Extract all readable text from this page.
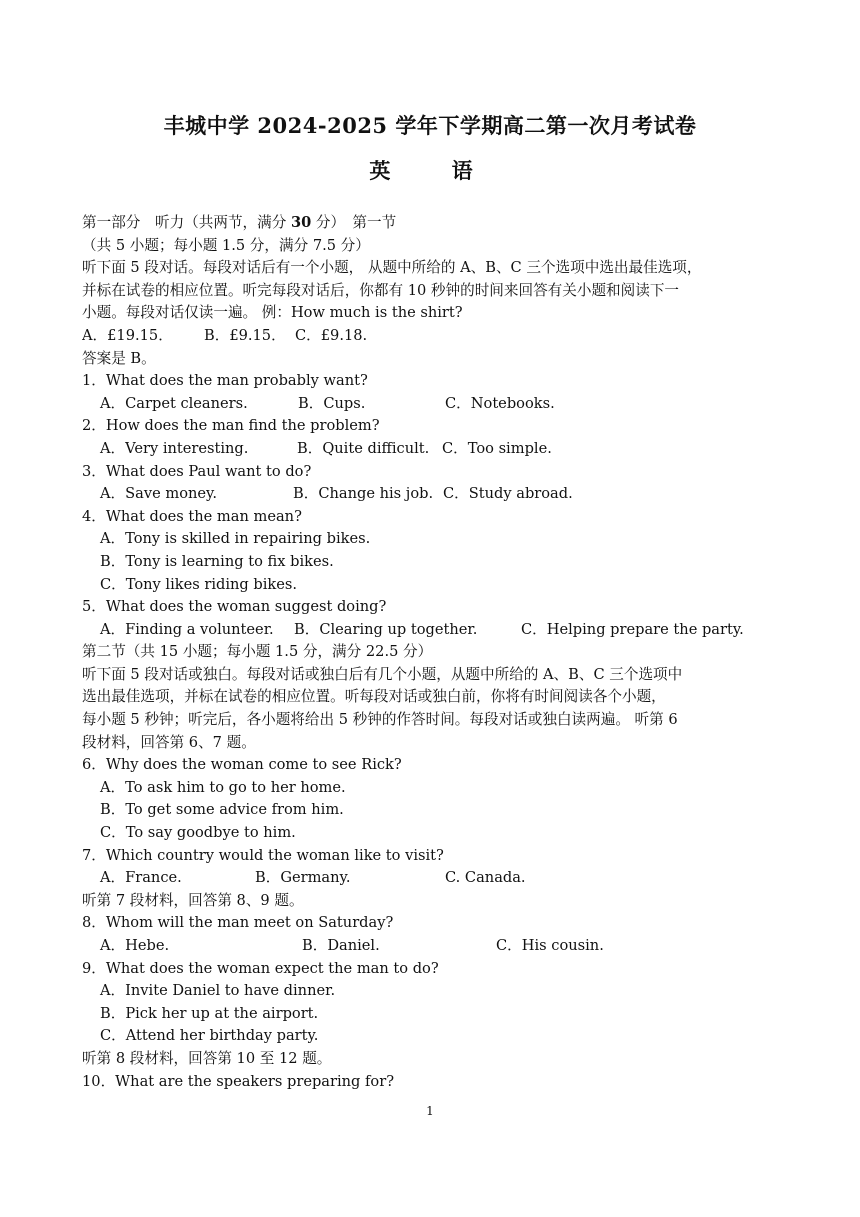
丰城中学 2024-2025 学年下学期高二第一次月考试卷
英 语
第一部分　听力（共两节，满分 30 分）　第一节
（共 5 小题；每小题 1.5 分，满分 7.5 分）
听下面 5 段对话。每段对话后有一个小题， 从题中所给的 A、B、C 三个选项中选出最佳选项，
并标在试卷的相应位置。听完每段对话后，你都有 10 秒钟的时间来回答有关小题和阅读下一
小题。每段对话仅读一遍。 例：How much is the shirt?
A．£19.15． B．£9.15． C．£9.18.
答案是 B。
1．What does the man probably want?
A．Carpet cleaners.	B．Cups.	C．Notebooks.
2．How does the man find the problem?
A．Very interesting.	B．Quite difficult. C．Too simple.
3．What does Paul want to do?
A．Save money.	B．Change his job. C．Study abroad.
4．What does the man mean?
A．Tony is skilled in repairing bikes.
B．Tony is learning to fix bikes.
C．Tony likes riding bikes.
5．What does the woman suggest doing?
A．Finding a volunteer. B．Clearing up together.	C．Helping prepare the party.
第二节（共 15 小题；每小题 1.5 分，满分 22.5 分）
听下面 5 段对话或独白。每段对话或独白后有几个小题，从题中所给的 A、B、C 三个选项中
选出最佳选项，并标在试卷的相应位置。听每段对话或独白前，你将有时间阅读各个小题，
每小题 5 秒钟；听完后，各小题将给出 5 秒钟的作答时间。每段对话或独白读两遍。 听第 6
段材料，回答第 6、7 题。
6．Why does the woman come to see Rick?
A．To ask him to go to her home.
B．To get some advice from him.
C．To say goodbye to him.
7．Which country would the woman like to visit?
A．France.	B．Germany.	C. Canada.
听第 7 段材料，回答第 8、9 题。
8．Whom will the man meet on Saturday?
A．Hebe.	B．Daniel.	C．His cousin.
9．What does the woman expect the man to do?
A．Invite Daniel to have dinner.
B．Pick her up at the airport.
C．Attend her birthday party.
听第 8 段材料，回答第 10 至 12 题。
10．What are the speakers preparing for?
1
